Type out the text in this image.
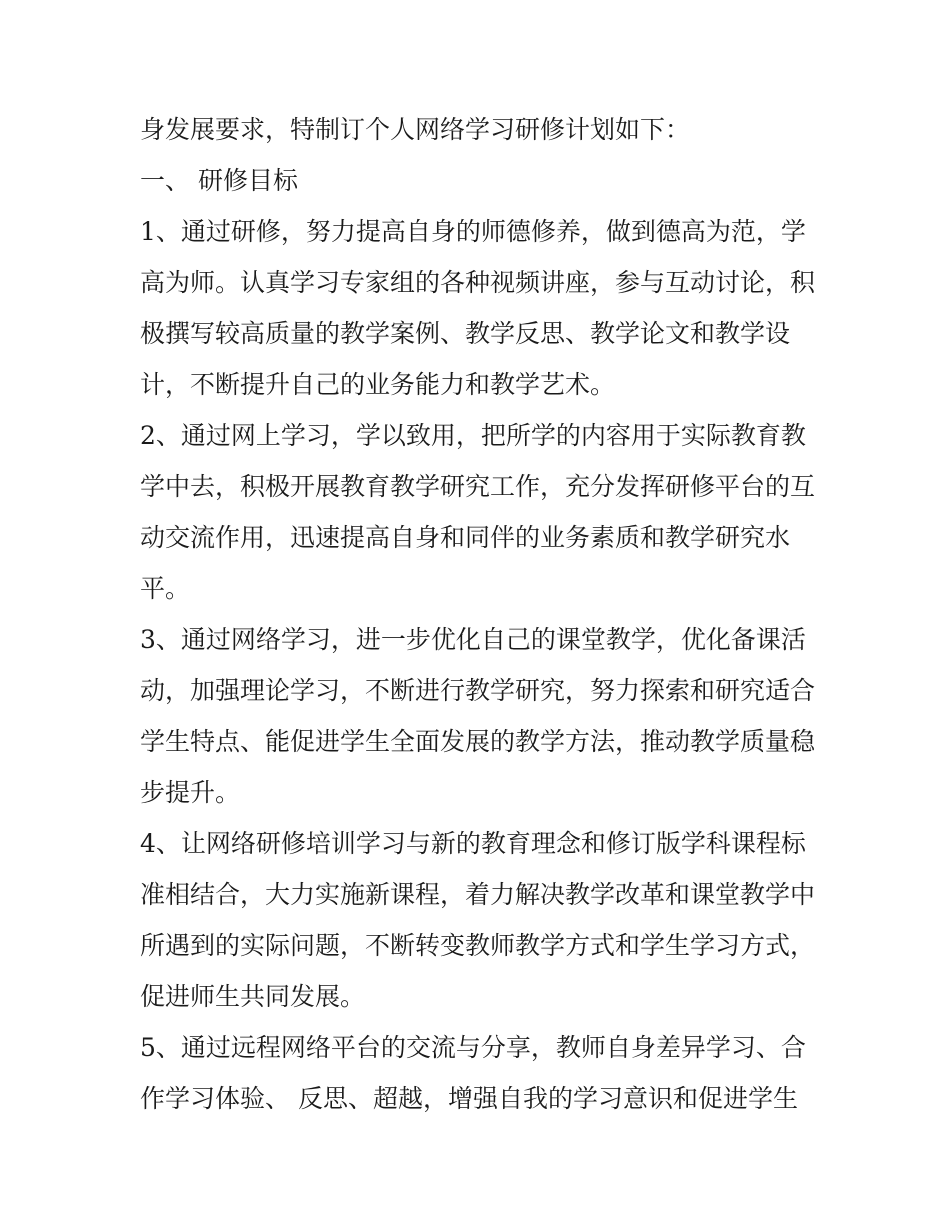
身发展要求，特制订个人网络学习研修计划如下：
一、 研修目标
1、通过研修，努力提高自身的师德修养，做到德高为范，学
高为师。认真学习专家组的各种视频讲座，参与互动讨论，积
极撰写较高质量的教学案例、教学反思、教学论文和教学设
计，不断提升自己的业务能力和教学艺术。
2、通过网上学习，学以致用，把所学的内容用于实际教育教
学中去，积极开展教育教学研究工作，充分发挥研修平台的互
动交流作用，迅速提高自身和同伴的业务素质和教学研究水
平。
3、通过网络学习，进一步优化自己的课堂教学，优化备课活
动，加强理论学习，不断进行教学研究，努力探索和研究适合
学生特点、能促进学生全面发展的教学方法，推动教学质量稳
步提升。
4、让网络研修培训学习与新的教育理念和修订版学科课程标
准相结合，大力实施新课程，着力解决教学改革和课堂教学中
所遇到的实际问题，不断转变教师教学方式和学生学习方式，
促进师生共同发展。
5、通过远程网络平台的交流与分享，教师自身差异学习、合
作学习体验、 反思、超越，增强自我的学习意识和促进学生
